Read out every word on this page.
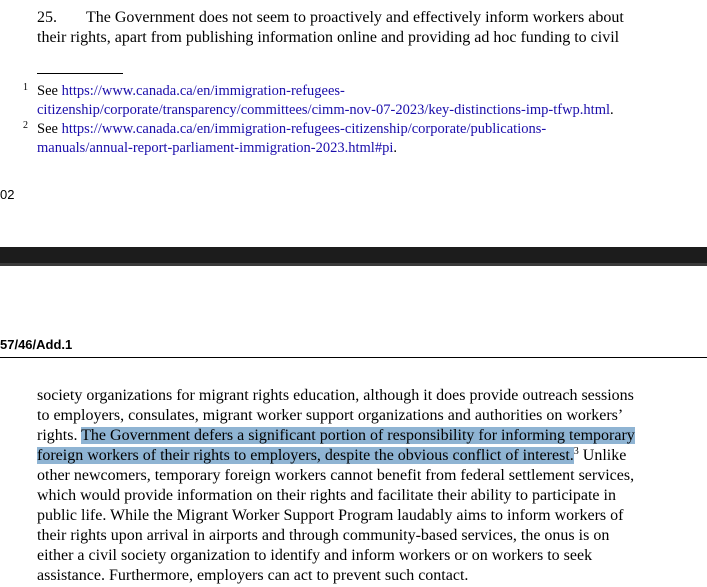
25. The Government does not seem to proactively and effectively inform workers about
their rights, apart from publishing information online and providing ad hoc funding to civil
1 See https://www.canada.ca/en/immigration-refugees-
citizenship/corporate/transparency/committees/cimm-nov-07-2023/key-distinctions-imp-tfwp.html.
2 See https://www.canada.ca/en/immigration-refugees-citizenship/corporate/publications-
manuals/annual-report-parliament-immigration-2023.html#pi.
02
57/46/Add.1
society organizations for migrant rights education, although it does provide outreach sessions
to employers, consulates, migrant worker support organizations and authorities on workers’
rights. The Government defers a significant portion of responsibility for informing temporary
foreign workers of their rights to employers, despite the obvious conflict of interest.$^3$ Unlike
other newcomers, temporary foreign workers cannot benefit from federal settlement services,
which would provide information on their rights and facilitate their ability to participate in
public life. While the Migrant Worker Support Program laudably aims to inform workers of
their rights upon arrival in airports and through community-based services, the onus is on
either a civil society organization to identify and inform workers or on workers to seek
assistance. Furthermore, employers can act to prevent such contact.
